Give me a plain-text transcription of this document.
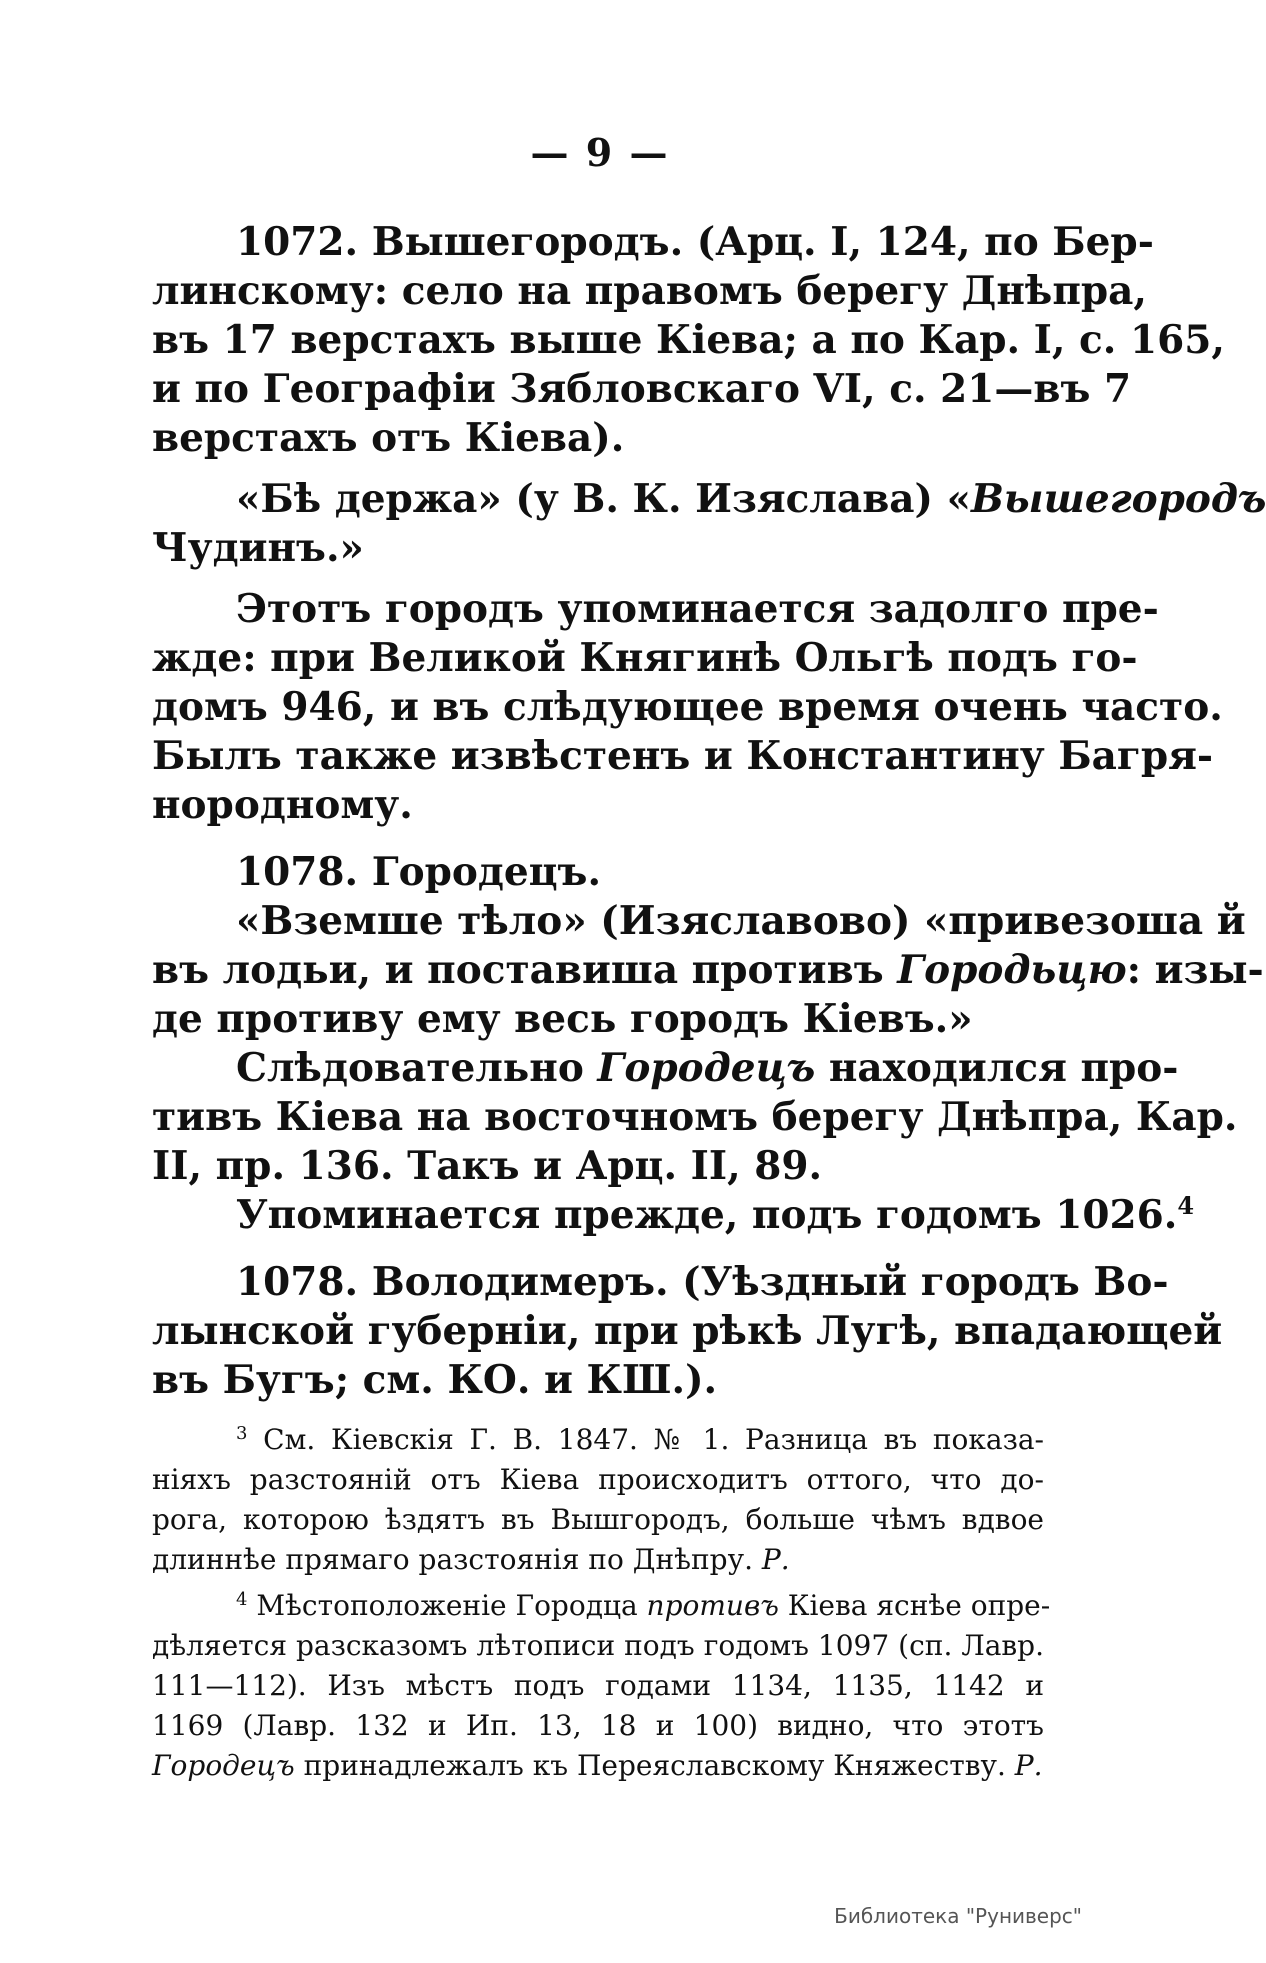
— 9 —
1072. Вышегородъ. (Арц. I, 124, по Бер-
линскому: село на правомъ берегу Днѣпра,
въ 17 верстахъ выше Кіева; а по Кар. I, с. 165,
и по Географіи Зябловскаго VI, с. 21—въ 7
верстахъ отъ Кіева).
«Бѣ держа» (у В. К. Изяслава) «Вышегородъ
Чудинъ.»
Этотъ городъ упоминается задолго пре-
жде: при Великой Княгинѣ Ольгѣ подъ го-
домъ 946, и въ слѣдующее время очень часто.
Былъ также извѣстенъ и Константину Багря-
нородному.
1078. Городецъ.
«Вземше тѣло» (Изяславово) «привезоша й
въ лодьи, и поставиша противъ Городьцю: изы-
де противу ему весь городъ Кіевъ.»
Слѣдовательно Городецъ находился про-
тивъ Кіева на восточномъ берегу Днѣпра, Кар.
II, пр. 136. Такъ и Арц. II, 89.
Упоминается прежде, подъ годомъ 1026.$^4$
1078. Володимеръ. (Уѣздный городъ Во-
лынской губерніи, при рѣкѣ Лугѣ, впадающей
въ Бугъ; см. КО. и КШ.).
$^3$ См. Кіевскія Г. В. 1847. № 1. Разница въ показа-
ніяхъ разстояній отъ Кіева происходитъ оттого, что до-
рога, которою ѣздятъ въ Вышгородъ, больше чѣмъ вдвое
длиннѣе прямаго разстоянія по Днѣпру. Р.
$^4$ Мѣстоположеніе Городца противъ Кіева яснѣе опре-
дѣляется разсказомъ лѣтописи подъ годомъ 1097 (сп. Лавр.
111—112). Изъ мѣстъ подъ годами 1134, 1135, 1142 и
1169 (Лавр. 132 и Ип. 13, 18 и 100) видно, что этотъ
Городецъ принадлежалъ къ Переяславскому Княжеству. Р.
Библиотека "Руниверс"
